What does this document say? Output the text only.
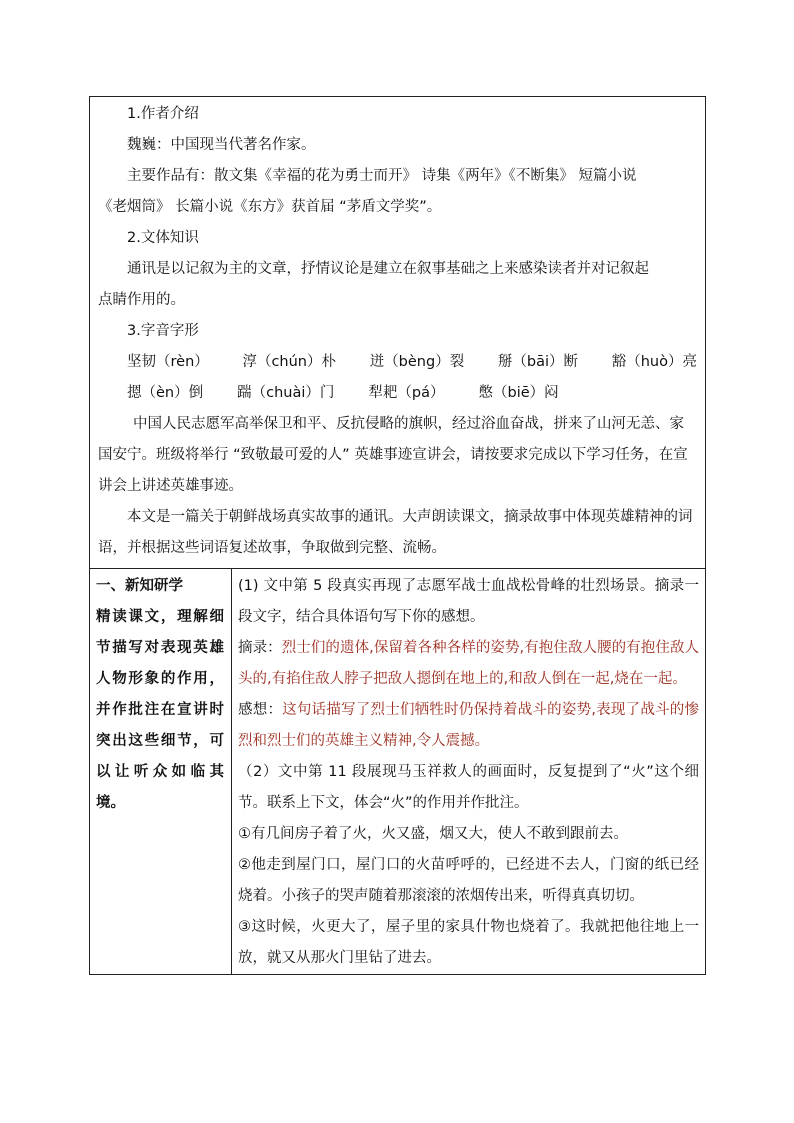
1.作者介绍
魏巍：中国现当代著名作家。
主要作品有：散文集《幸福的花为勇士而开》 诗集《两年》《不断集》 短篇小说
《老烟筒》 长篇小说《东方》获首届 “茅盾文学奖”。
2.文体知识
通讯是以记叙为主的文章，抒情议论是建立在叙事基础之上来感染读者并对记叙起
点睛作用的。
3.字音字形
坚韧（rèn） 淳（chún）朴 迸（bèng）裂 掰（bāi）断 豁（huò）亮
摁（èn）倒 踹（chuài）门 犁耙（pá） 憋（biē）闷
中国人民志愿军高举保卫和平、反抗侵略的旗帜，经过浴血奋战，拼来了山河无恙、家国安宁。班级将举行 “致敬最可爱的人” 英雄事迹宣讲会，请按要求完成以下学习任务，在宣讲会上讲述英雄事迹。
本文是一篇关于朝鲜战场真实故事的通讯。大声朗读课文，摘录故事中体现英雄精神的词语，并根据这些词语复述故事，争取做到完整、流畅。

一、新知研学
精读课文，理解细节描写对表现英雄人物形象的作用，并作批注在宣讲时突出这些细节，可以让听众如临其境。

(1) 文中第 5 段真实再现了志愿军战士血战松骨峰的壮烈场景。摘录一段文字，结合具体语句写下你的感想。
摘录：烈士们的遗体,保留着各种各样的姿势,有抱住敌人腰的有抱住敌人头的,有掐住敌人脖子把敌人摁倒在地上的,和敌人倒在一起,烧在一起。
感想：这句话描写了烈士们牺牲时仍保持着战斗的姿势,表现了战斗的惨烈和烈士们的英雄主义精神,令人震撼。
（2）文中第 11 段展现马玉祥救人的画面时，反复提到了“火”这个细节。联系上下文，体会“火”的作用并作批注。
①有几间房子着了火，火又盛，烟又大，使人不敢到跟前去。
②他走到屋门口，屋门口的火苗呼呼的，已经进不去人，门窗的纸已经烧着。小孩子的哭声随着那滚滚的浓烟传出来，听得真真切切。
③这时候，火更大了，屋子里的家具什物也烧着了。我就把他往地上一放，就又从那火门里钻了进去。
